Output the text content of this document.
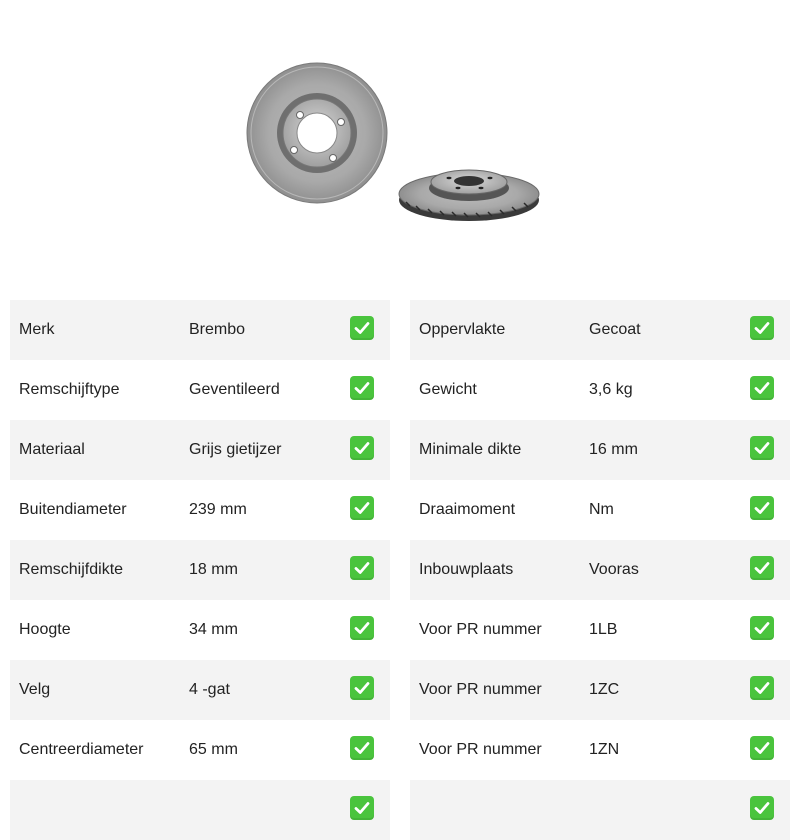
Merk	Brembo
Remschijftype	Geventileerd
Materiaal	Grijs gietijzer
Buitendiameter	239 mm
Remschijfdikte	18 mm
Hoogte	34 mm
Velg	4 -gat
Centreerdiameter	65 mm
Oppervlakte	Gecoat
Gewicht	3,6 kg
Minimale dikte	16 mm
Draaimoment	Nm
Inbouwplaats	Vooras
Voor PR nummer	1LB
Voor PR nummer	1ZC
Voor PR nummer	1ZN
